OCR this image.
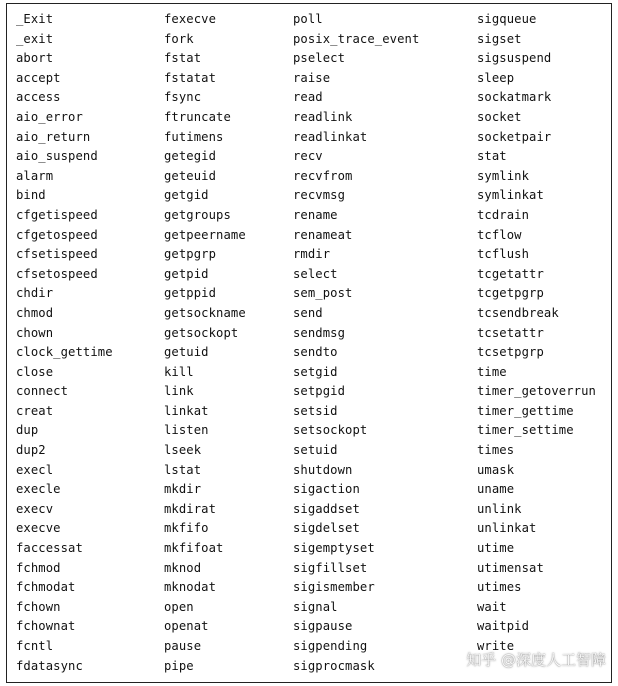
_Exit
_exit
abort
accept
access
aio_error
aio_return
aio_suspend
alarm
bind
cfgetispeed
cfgetospeed
cfsetispeed
cfsetospeed
chdir
chmod
chown
clock_gettime
close
connect
creat
dup
dup2
execl
execle
execv
execve
faccessat
fchmod
fchmodat
fchown
fchownat
fcntl
fdatasync
fexecve
fork
fstat
fstatat
fsync
ftruncate
futimens
getegid
geteuid
getgid
getgroups
getpeername
getpgrp
getpid
getppid
getsockname
getsockopt
getuid
kill
link
linkat
listen
lseek
lstat
mkdir
mkdirat
mkfifo
mkfifoat
mknod
mknodat
open
openat
pause
pipe
poll
posix_trace_event
pselect
raise
read
readlink
readlinkat
recv
recvfrom
recvmsg
rename
renameat
rmdir
select
sem_post
send
sendmsg
sendto
setgid
setpgid
setsid
setsockopt
setuid
shutdown
sigaction
sigaddset
sigdelset
sigemptyset
sigfillset
sigismember
signal
sigpause
sigpending
sigprocmask
sigqueue
sigset
sigsuspend
sleep
sockatmark
socket
socketpair
stat
symlink
symlinkat
tcdrain
tcflow
tcflush
tcgetattr
tcgetpgrp
tcsendbreak
tcsetattr
tcsetpgrp
time
timer_getoverrun
timer_gettime
timer_settime
times
umask
uname
unlink
unlinkat
utime
utimensat
utimes
wait
waitpid
write
知乎 @深度人工智障
